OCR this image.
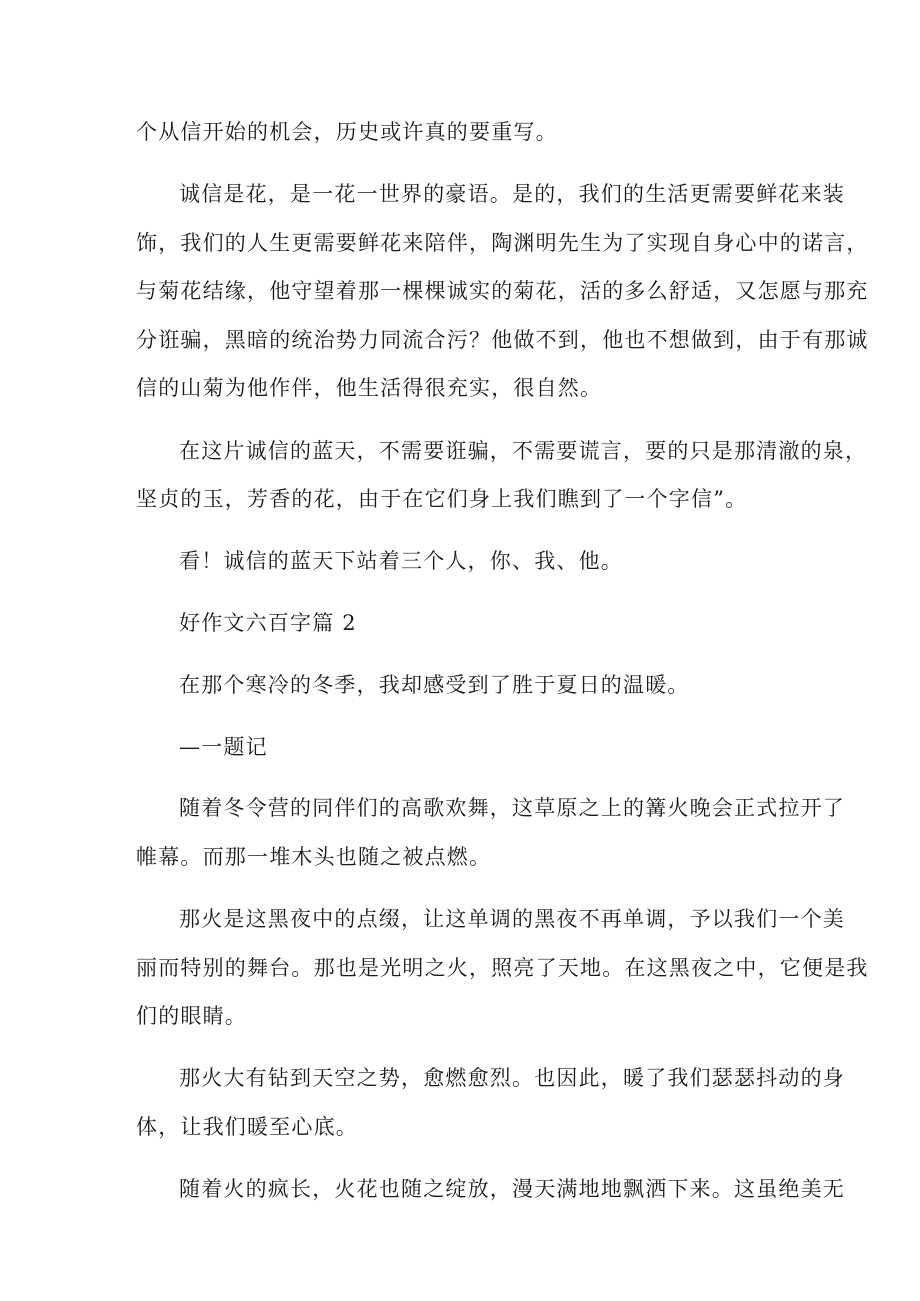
个从信开始的机会，历史或许真的要重写。
诚信是花，是一花一世界的豪语。是的，我们的生活更需要鲜花来装
饰，我们的人生更需要鲜花来陪伴，陶渊明先生为了实现自身心中的诺言，
与菊花结缘，他守望着那一棵棵诚实的菊花，活的多么舒适，又怎愿与那充
分诳骗，黑暗的统治势力同流合污？他做不到，他也不想做到，由于有那诚
信的山菊为他作伴，他生活得很充实，很自然。
在这片诚信的蓝天，不需要诳骗，不需要谎言，要的只是那清澈的泉，
坚贞的玉，芳香的花，由于在它们身上我们瞧到了一个字信”。
看！诚信的蓝天下站着三个人，你、我、他。
好作文六百字篇 2
在那个寒冷的冬季，我却感受到了胜于夏日的温暖。
—一题记
随着冬令营的同伴们的高歌欢舞，这草原之上的篝火晚会正式拉开了
帷幕。而那一堆木头也随之被点燃。
那火是这黑夜中的点缀，让这单调的黑夜不再单调，予以我们一个美
丽而特别的舞台。那也是光明之火，照亮了天地。在这黑夜之中，它便是我
们的眼睛。
那火大有钻到天空之势，愈燃愈烈。也因此，暖了我们瑟瑟抖动的身
体，让我们暖至心底。
随着火的疯长，火花也随之绽放，漫天满地地飘洒下来。这虽绝美无
